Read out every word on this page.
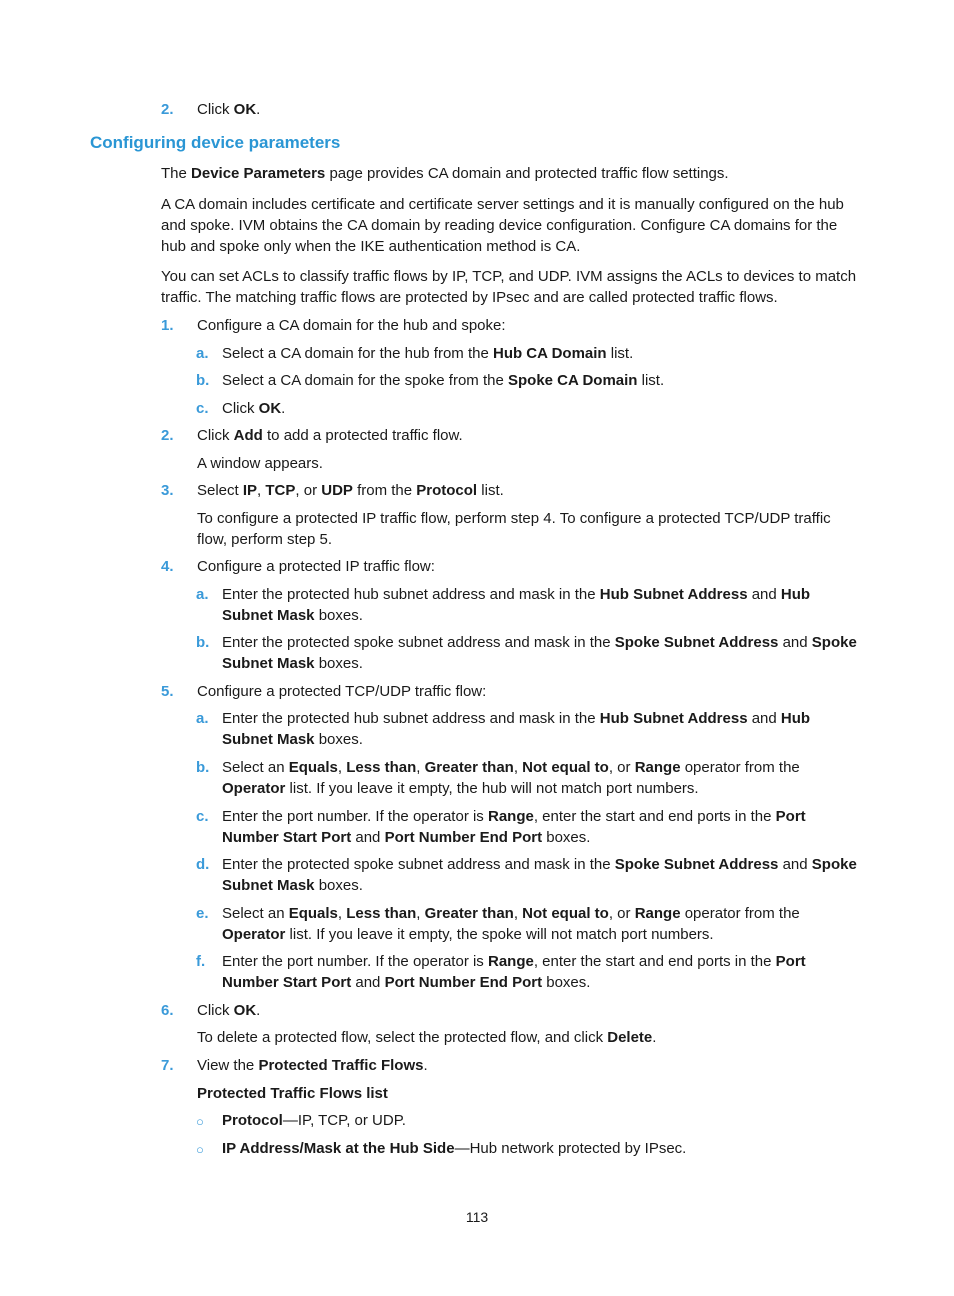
2.	Click OK.
Configuring device parameters
The Device Parameters page provides CA domain and protected traffic flow settings.
A CA domain includes certificate and certificate server settings and it is manually configured on the hub and spoke. IVM obtains the CA domain by reading device configuration. Configure CA domains for the hub and spoke only when the IKE authentication method is CA.
You can set ACLs to classify traffic flows by IP, TCP, and UDP. IVM assigns the ACLs to devices to match traffic. The matching traffic flows are protected by IPsec and are called protected traffic flows.
1.	Configure a CA domain for the hub and spoke:
a. Select a CA domain for the hub from the Hub CA Domain list.
b. Select a CA domain for the spoke from the Spoke CA Domain list.
c. Click OK.
2.	Click Add to add a protected traffic flow.
A window appears.
3.	Select IP, TCP, or UDP from the Protocol list.
To configure a protected IP traffic flow, perform step 4. To configure a protected TCP/UDP traffic flow, perform step 5.
4.	Configure a protected IP traffic flow:
a. Enter the protected hub subnet address and mask in the Hub Subnet Address and Hub Subnet Mask boxes.
b. Enter the protected spoke subnet address and mask in the Spoke Subnet Address and Spoke Subnet Mask boxes.
5.	Configure a protected TCP/UDP traffic flow:
a. Enter the protected hub subnet address and mask in the Hub Subnet Address and Hub Subnet Mask boxes.
b. Select an Equals, Less than, Greater than, Not equal to, or Range operator from the Operator list. If you leave it empty, the hub will not match port numbers.
c. Enter the port number. If the operator is Range, enter the start and end ports in the Port Number Start Port and Port Number End Port boxes.
d. Enter the protected spoke subnet address and mask in the Spoke Subnet Address and Spoke Subnet Mask boxes.
e. Select an Equals, Less than, Greater than, Not equal to, or Range operator from the Operator list. If you leave it empty, the spoke will not match port numbers.
f.	Enter the port number. If the operator is Range, enter the start and end ports in the Port Number Start Port and Port Number End Port boxes.
6.	Click OK.
To delete a protected flow, select the protected flow, and click Delete.
7.	View the Protected Traffic Flows.
Protected Traffic Flows list
○ Protocol—IP, TCP, or UDP.
○ IP Address/Mask at the Hub Side—Hub network protected by IPsec.
113
